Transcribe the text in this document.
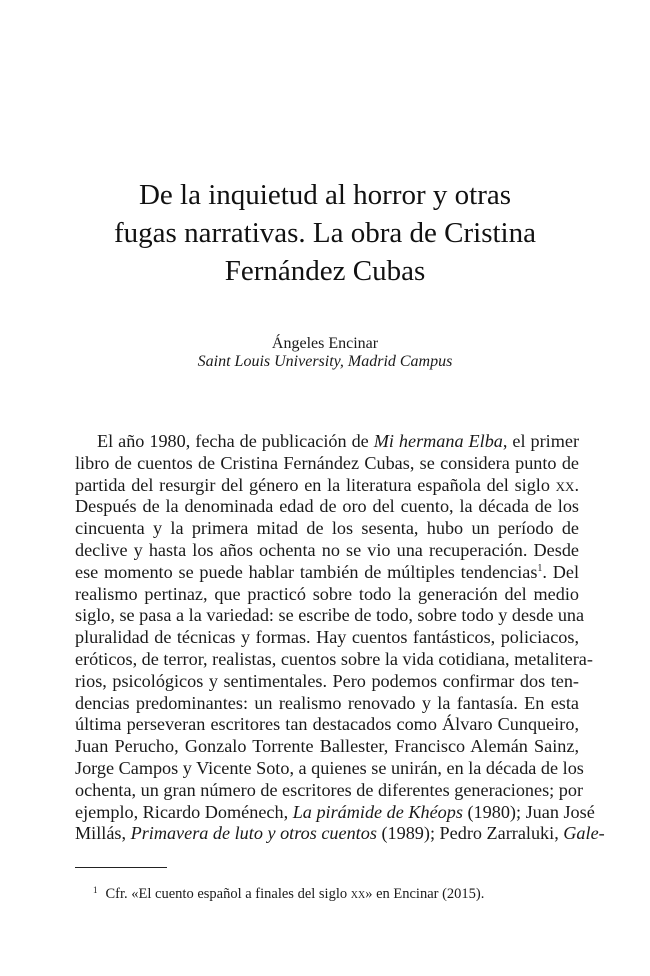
De la inquietud al horror y otras
fugas narrativas. La obra de Cristina
Fernández Cubas
Ángeles Encinar
Saint Louis University, Madrid Campus
El año 1980, fecha de publicación de Mi hermana Elba, el primer
libro de cuentos de Cristina Fernández Cubas, se considera punto de
partida del resurgir del género en la literatura española del siglo xx.
Después de la denominada edad de oro del cuento, la década de los
cincuenta y la primera mitad de los sesenta, hubo un período de
declive y hasta los años ochenta no se vio una recuperación. Desde
ese momento se puede hablar también de múltiples tendencias$^1$. Del
realismo pertinaz, que practicó sobre todo la generación del medio
siglo, se pasa a la variedad: se escribe de todo, sobre todo y desde una
pluralidad de técnicas y formas. Hay cuentos fantásticos, policiacos,
eróticos, de terror, realistas, cuentos sobre la vida cotidiana, metalitera-
rios, psicológicos y sentimentales. Pero podemos confirmar dos ten-
dencias predominantes: un realismo renovado y la fantasía. En esta
última perseveran escritores tan destacados como Álvaro Cunqueiro,
Juan Perucho, Gonzalo Torrente Ballester, Francisco Alemán Sainz,
Jorge Campos y Vicente Soto, a quienes se unirán, en la década de los
ochenta, un gran número de escritores de diferentes generaciones; por
ejemplo, Ricardo Doménech, La pirámide de Khéops (1980); Juan José
Millás, Primavera de luto y otros cuentos (1989); Pedro Zarraluki, Gale-
$^1$ Cfr. «El cuento español a finales del siglo xx» en Encinar (2015).
